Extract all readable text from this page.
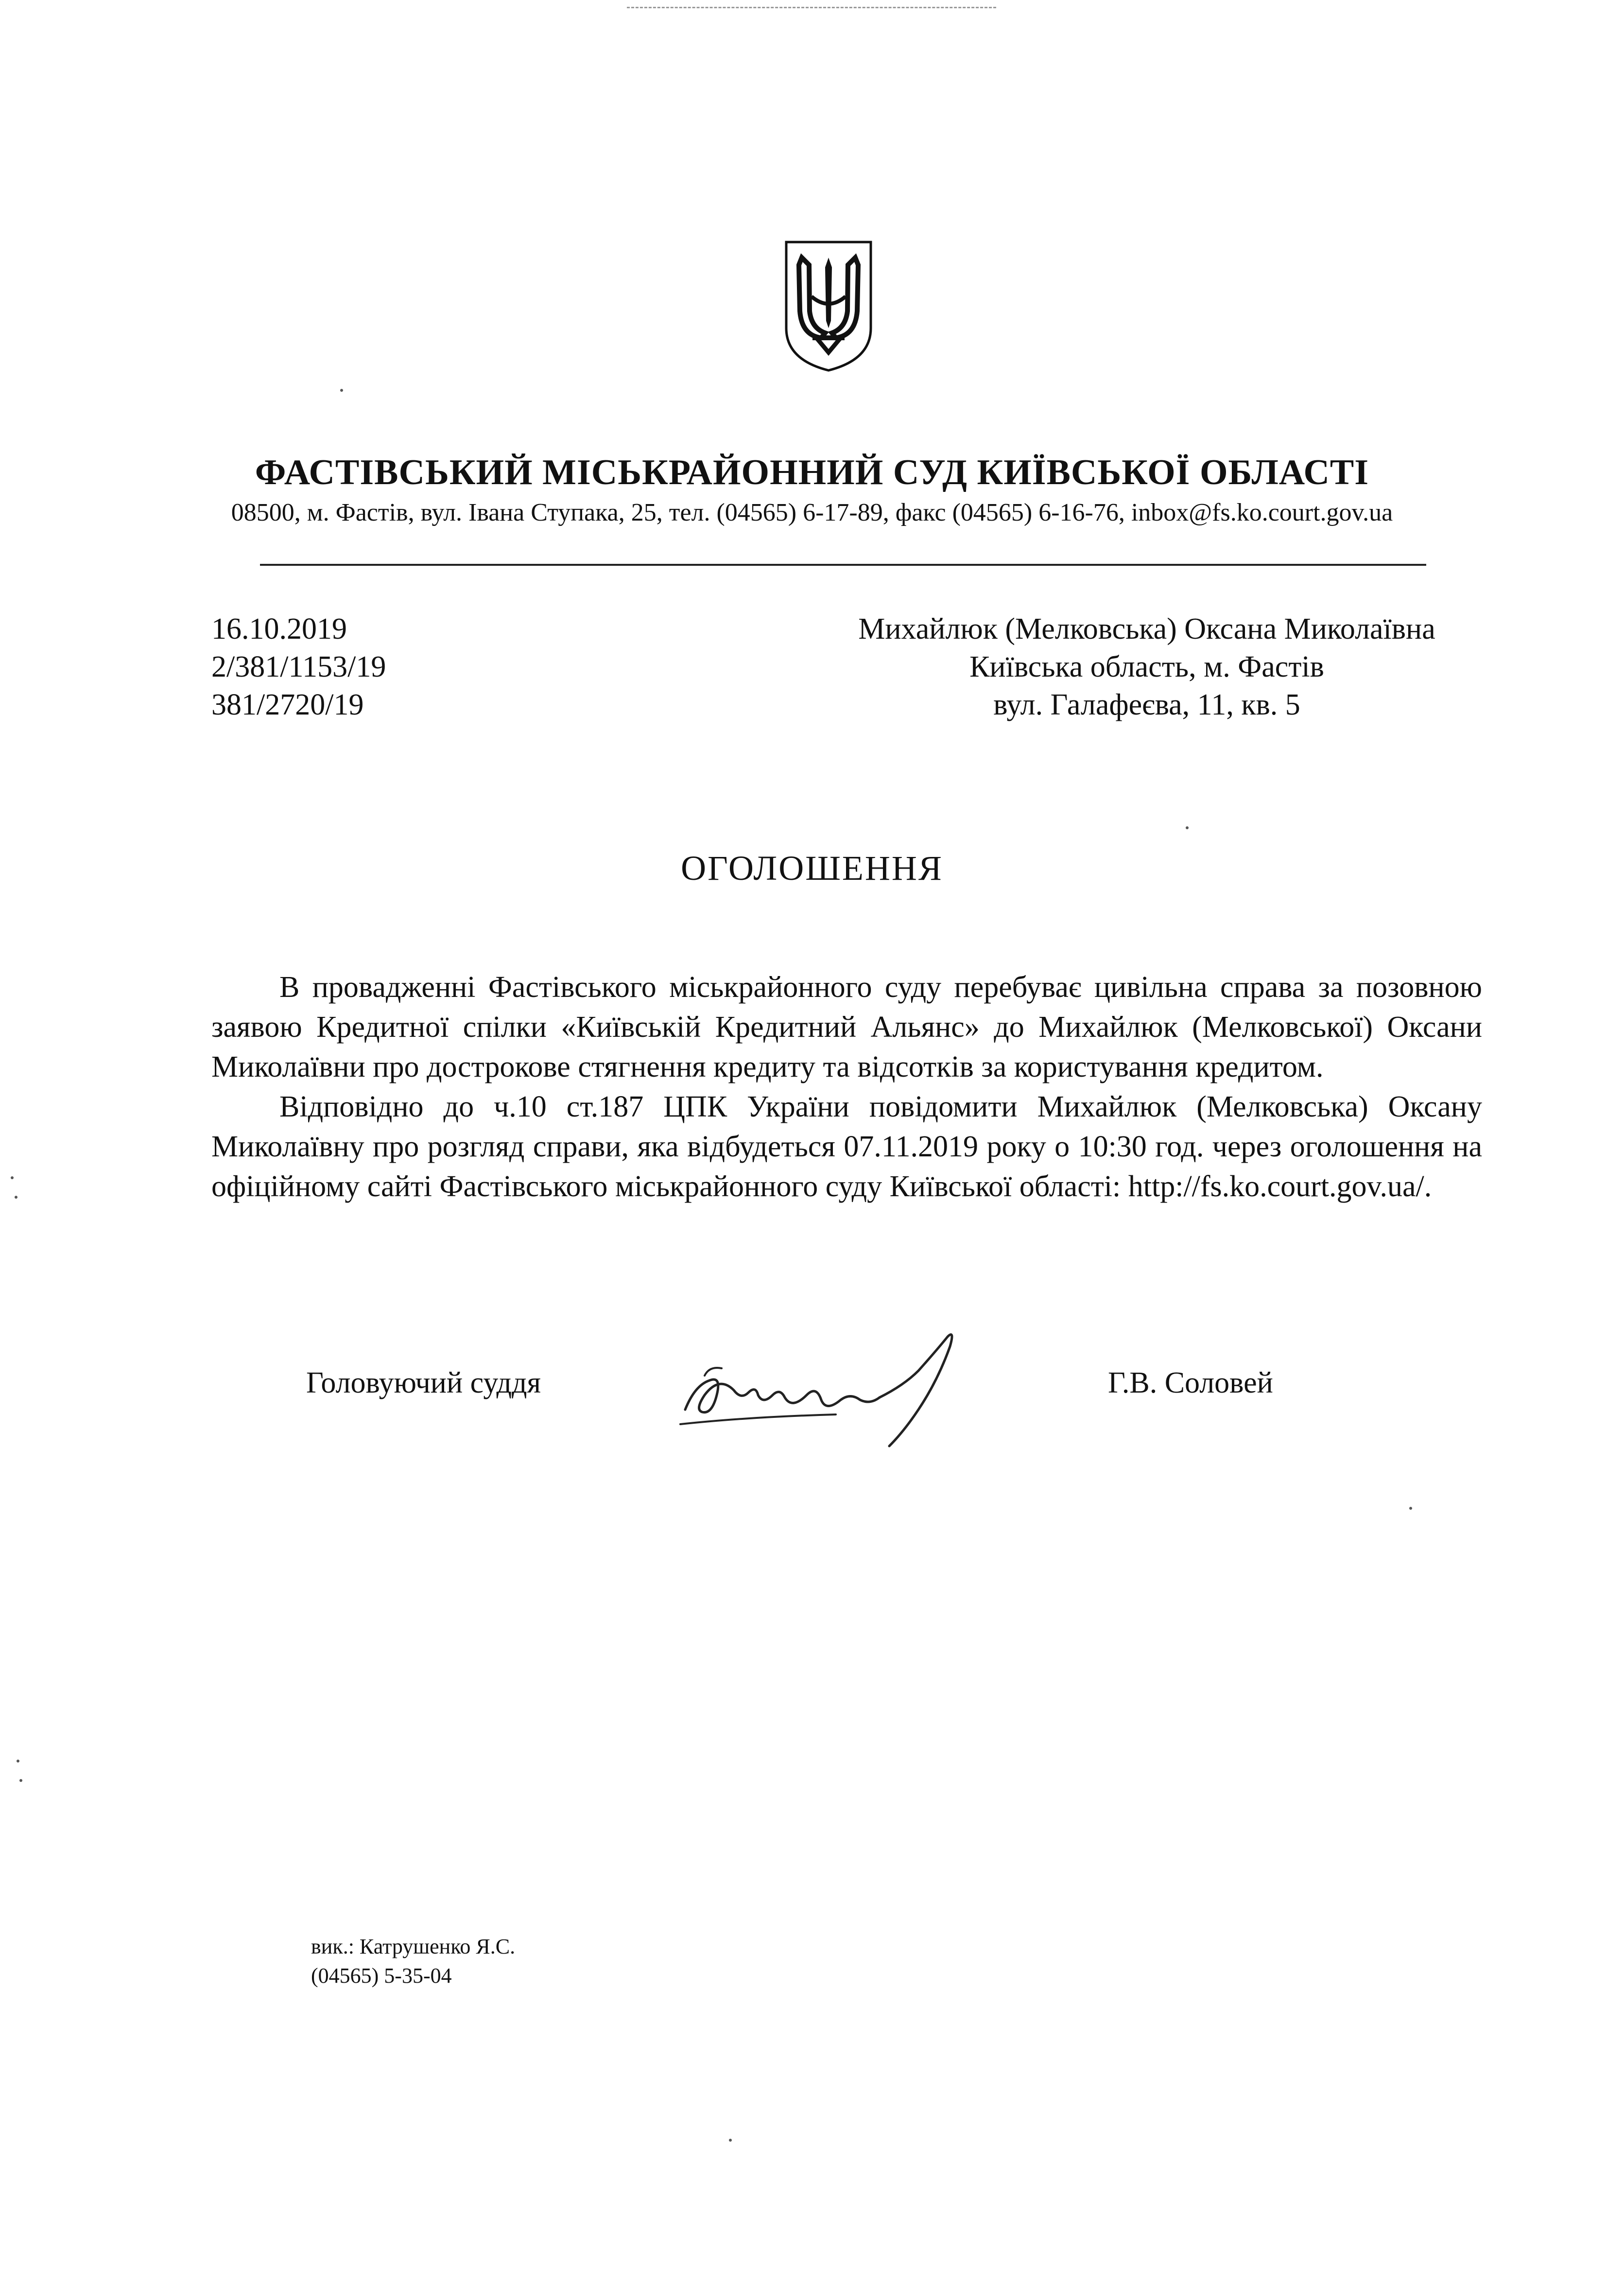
ФАСТІВСЬКИЙ МІСЬКРАЙОННИЙ СУД КИЇВСЬКОЇ ОБЛАСТІ
08500, м. Фастів, вул. Івана Ступака, 25, тел. (04565) 6-17-89, факс (04565) 6-16-76, inbox@fs.ko.court.gov.ua
16.10.2019
2/381/1153/19
381/2720/19
Михайлюк (Мелковська) Оксана Миколаївна
Київська область, м. Фастів
вул. Галафеєва, 11, кв. 5
ОГОЛОШЕННЯ

В провадженні Фастівського міськрайонного суду перебуває цивільна справа за позовною заявою Кредитної спілки «Київській Кредитний Альянс» до Михайлюк (Мелковської) Оксани Миколаївни про дострокове стягнення кредиту та відсотків за користування кредитом.

Відповідно до ч.10 ст.187 ЦПК України повідомити Михайлюк (Мелковська) Оксану Миколаївну про розгляд справи, яка відбудеться 07.11.2019 року о 10:30 год. через оголошення на офіційному сайті Фастівського міськрайонного суду Київської області: http://fs.ko.court.gov.ua/.

Головуючий суддя	Г.В. Соловей
вик.: Катрушенко Я.С.
(04565) 5-35-04
